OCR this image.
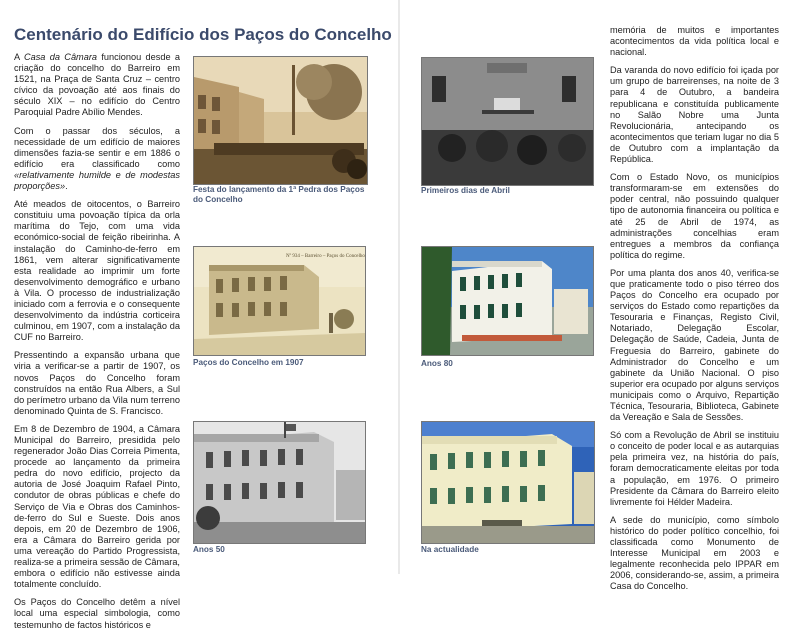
Centenário do Edifício dos Paços do Concelho

A Casa da Câmara funcionou desde a criação do concelho do Barreiro em 1521, na Praça de Santa Cruz – centro cívico da povoação até aos finais do século XIX – no edifício do Centro Paroquial Padre Abílio Mendes.

Com o passar dos séculos, a necessidade de um edifício de maiores dimensões fazia-se sentir e em 1886 o edifício era classificado como «relativamente humilde e de modestas proporções».

Até meados de oitocentos, o Barreiro constituiu uma povoação típica da orla marítima do Tejo, com uma vida económico-social de feição ribeirinha. A instalação do Caminho-de-ferro em 1861, vem alterar significativamente esta realidade ao imprimir um forte desenvolvimento demográfico e urbano à Vila. O processo de industrialização iniciado com a ferrovia e o consequente desenvolvimento da indústria corticeira culminou, em 1907, com a instalação da CUF no Barreiro.

Pressentindo a expansão urbana que viria a verificar-se a partir de 1907, os novos Paços do Concelho foram construídos na então Rua Albers, a Sul do perímetro urbano da Vila num terreno denominado Quinta de S. Francisco.

Em 8 de Dezembro de 1904, a Câmara Municipal do Barreiro, presidida pelo regenerador João Dias Correia Pimenta, procede ao lançamento da primeira pedra do novo edifício, projecto da autoria de José Joaquim Rafael Pinto, condutor de obras públicas e chefe do Serviço de Via e Obras dos Caminhos-de-ferro do Sul e Sueste. Dois anos depois, em 20 de Dezembro de 1906, era a Câmara do Barreiro gerida por uma vereação do Partido Progressista, realiza-se a primeira sessão de Câmara, embora o edifício não estivesse ainda totalmente concluído.

Os Paços do Concelho detêm a nível local uma especial simbologia, como testemunho de factos históricos e

Festa do lançamento da 1ª Pedra dos Paços do Concelho
Primeiros dias de Abril
Nº 934 – Barreiro – Paços do Concelho
Paços do Concelho em 1907	Anos 80
Anos 50	Na actualidade

memória de muitos e importantes acontecimentos da vida política local e nacional.

Da varanda do novo edifício foi içada por um grupo de barreirenses, na noite de 3 para 4 de Outubro, a bandeira republicana e constituída publicamente no Salão Nobre uma Junta Revolucionária, antecipando os acontecimentos que teriam lugar no dia 5 de Outubro com a implantação da República.

Com o Estado Novo, os municípios transformaram-se em extensões do poder central, não possuindo qualquer tipo de autonomia financeira ou política e até 25 de Abril de 1974, as administrações concelhias eram entregues a membros da confiança política do regime.

Por uma planta dos anos 40, verifica-se que praticamente todo o piso térreo dos Paços do Concelho era ocupado por serviços do Estado como repartições da Tesouraria e Finanças, Registo Civil, Notariado, Delegação Escolar, Delegação de Saúde, Cadeia, Junta de Freguesia do Barreiro, gabinete do Administrador do Concelho e um gabinete da União Nacional. O piso superior era ocupado por alguns serviços municipais como o Arquivo, Repartição Técnica, Tesouraria, Biblioteca, Gabinete da Vereação e Sala de Sessões.

Só com a Revolução de Abril se instituiu o conceito de poder local e as autarquias pela primeira vez, na história do país, foram democraticamente eleitas por toda a população, em 1976. O primeiro Presidente da Câmara do Barreiro eleito livremente foi Hélder Madeira.

A sede do município, como símbolo histórico do poder político concelhio, foi classificada como Monumento de Interesse Municipal em 2003 e legalmente reconhecida pelo IPPAR em 2006, considerando-se, assim, a primeira Casa do Concelho.
